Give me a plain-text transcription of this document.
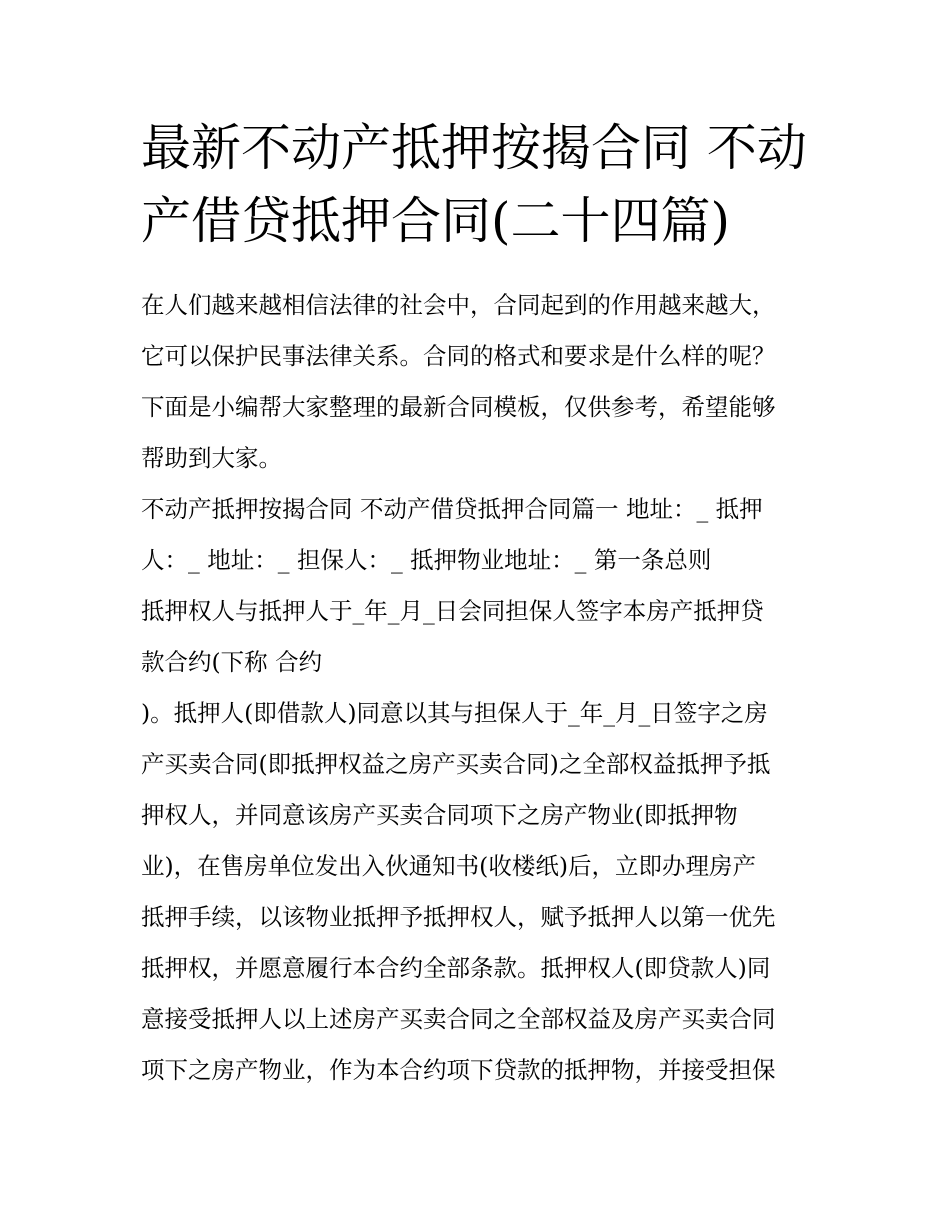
最新不动产抵押按揭合同 不动
产借贷抵押合同(二十四篇)
在人们越来越相信法律的社会中，合同起到的作用越来越大，
它可以保护民事法律关系。合同的格式和要求是什么样的呢？
下面是小编帮大家整理的最新合同模板，仅供参考，希望能够
帮助到大家。
不动产抵押按揭合同 不动产借贷抵押合同篇一 地址：_ 抵押
人：_ 地址：_ 担保人：_ 抵押物业地址：_ 第一条总则
抵押权人与抵押人于_年_月_日会同担保人签字本房产抵押贷
款合约(下称 合约
)。抵押人(即借款人)同意以其与担保人于_年_月_日签字之房
产买卖合同(即抵押权益之房产买卖合同)之全部权益抵押予抵
押权人，并同意该房产买卖合同项下之房产物业(即抵押物
业)，在售房单位发出入伙通知书(收楼纸)后，立即办理房产
抵押手续，以该物业抵押予抵押权人，赋予抵押人以第一优先
抵押权，并愿意履行本合约全部条款。抵押权人(即贷款人)同
意接受抵押人以上述房产买卖合同之全部权益及房产买卖合同
项下之房产物业，作为本合约项下贷款的抵押物，并接受担保
